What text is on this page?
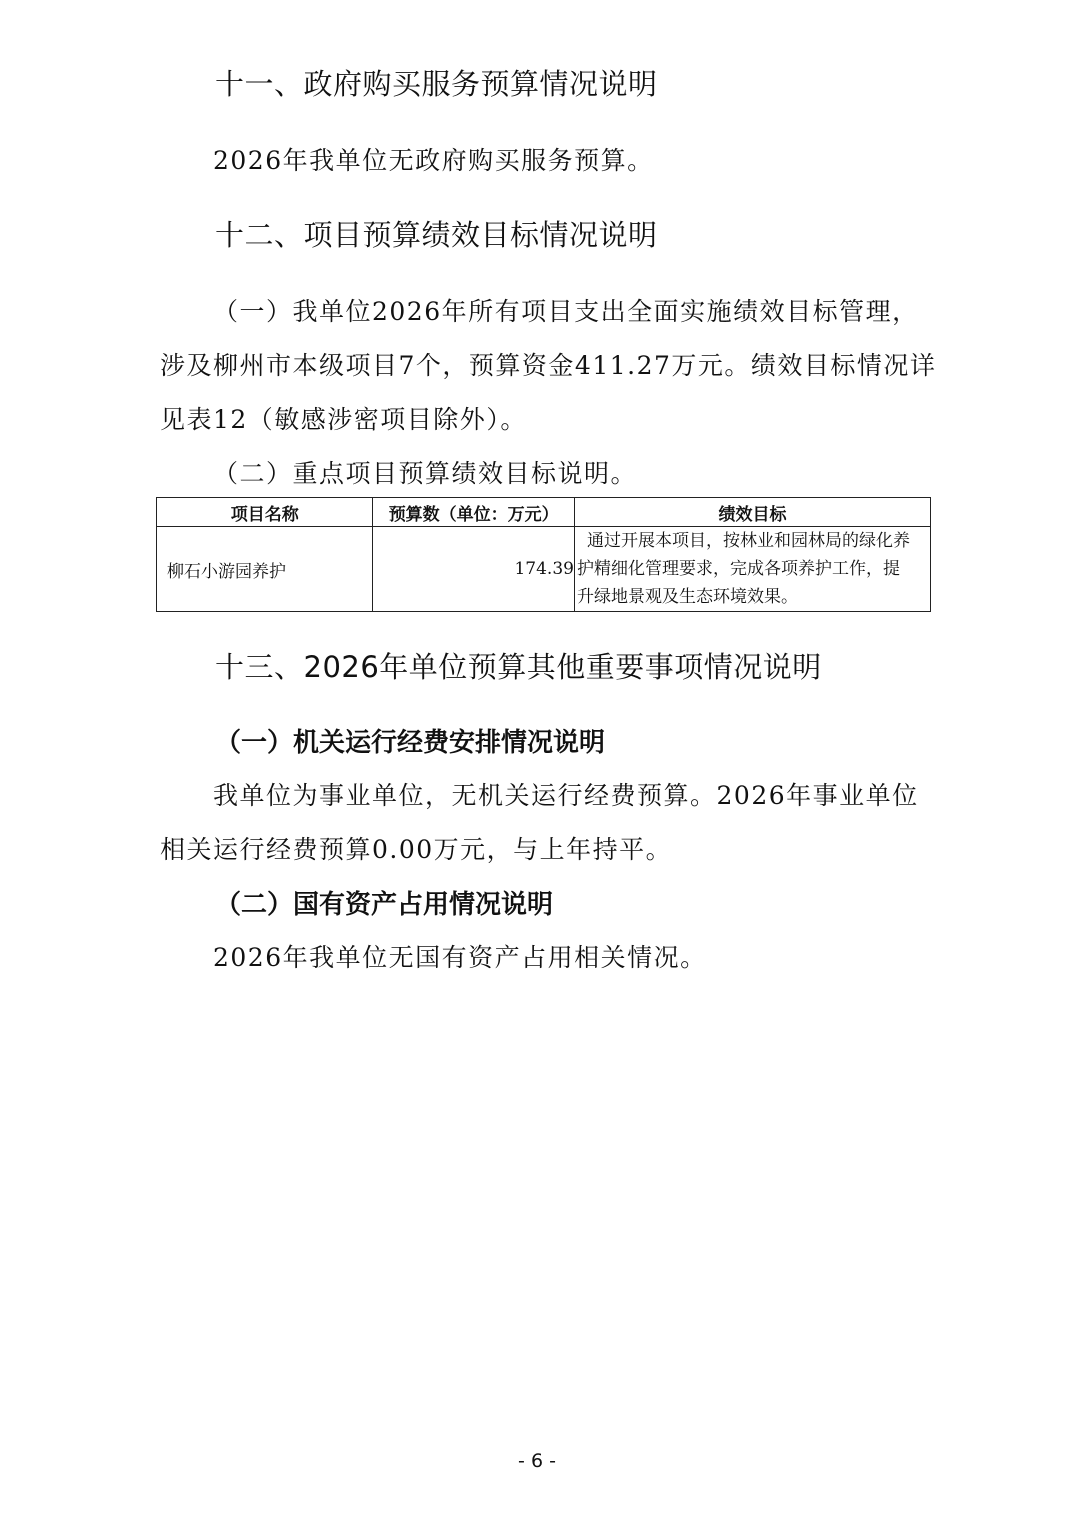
十一、政府购买服务预算情况说明
2026年我单位无政府购买服务预算。
十二、项目预算绩效目标情况说明
（一）我单位2026年所有项目支出全面实施绩效目标管理，
涉及柳州市本级项目7个，预算资金411.27万元。绩效目标情况详
见表12（敏感涉密项目除外）。
（二）重点项目预算绩效目标说明。
项目名称	预算数（单位：万元）	绩效目标
柳石小游园养护	174.39	通过开展本项目，按林业和园林局的绿化养
护精细化管理要求，完成各项养护工作，提
升绿地景观及生态环境效果。
十三、2026年单位预算其他重要事项情况说明
（一）机关运行经费安排情况说明
我单位为事业单位，无机关运行经费预算。2026年事业单位
相关运行经费预算0.00万元，与上年持平。
（二）国有资产占用情况说明
2026年我单位无国有资产占用相关情况。
- 6 -
